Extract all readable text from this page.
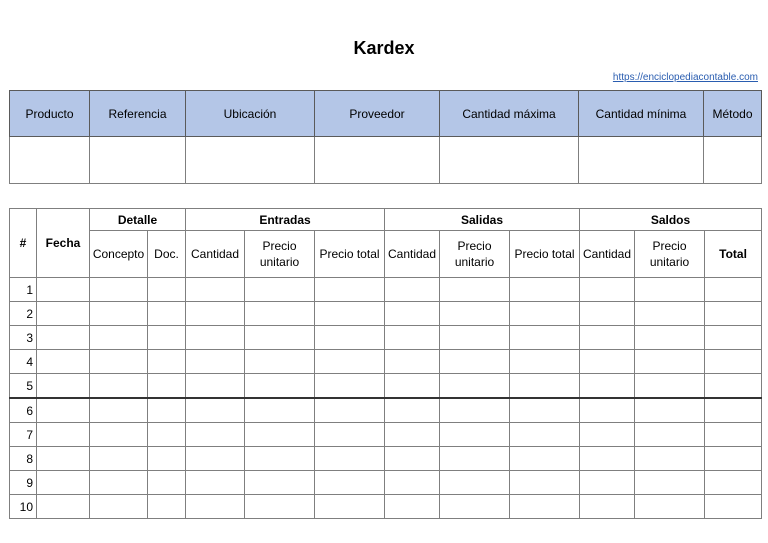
Kardex
https://enciclopediacontable.com
Producto	Referencia	Ubicación	Proveedor	Cantidad máxima	Cantidad mínima	Método

#	Fecha	Detalle		Entradas			Salidas			Saldos		
		Concepto	Doc.	Cantidad	Precio unitario	Precio total	Cantidad	Precio unitario	Precio total	Cantidad	Precio unitario	Total
1												
2												
3												
4												
5												
6												
7												
8												
9												
10												
